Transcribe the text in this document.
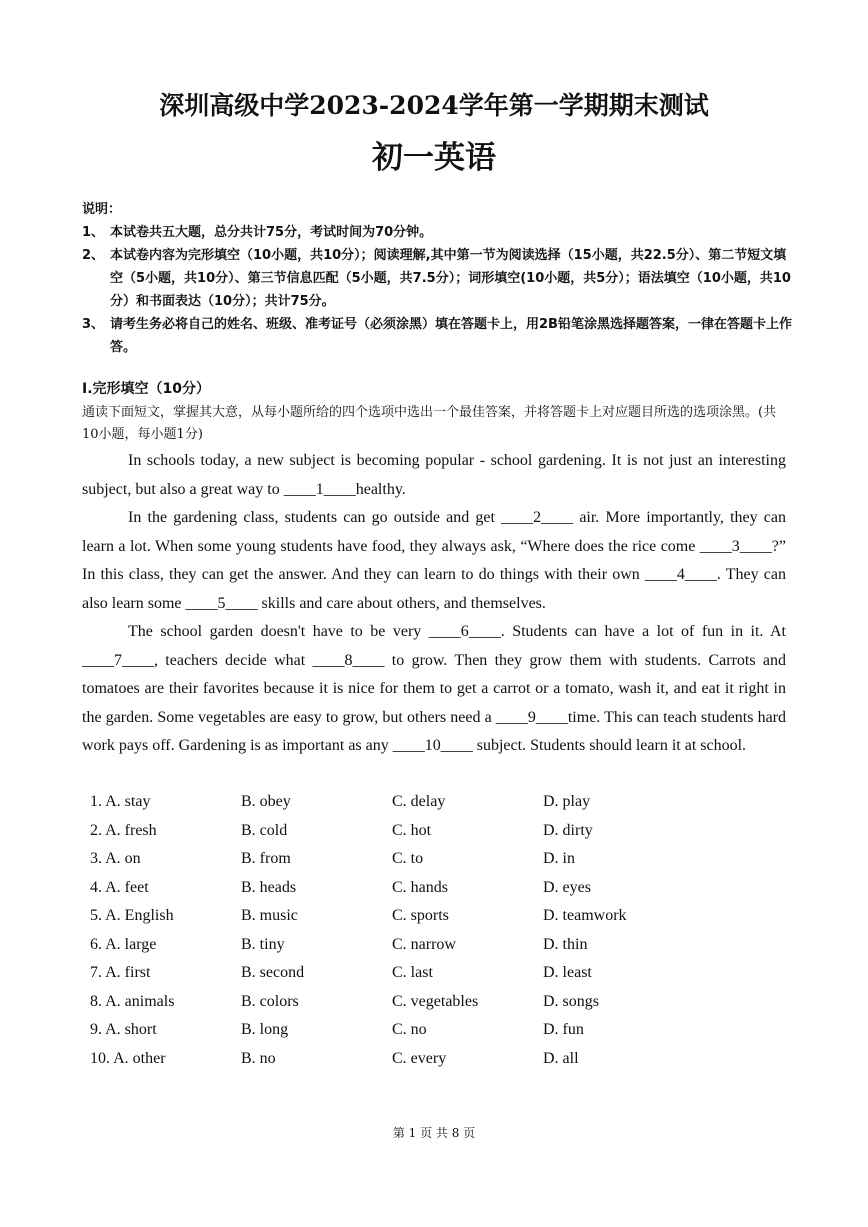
深圳高级中学2023-2024学年第一学期期末测试
初一英语
说明：
1、 本试卷共五大题，总分共计75分，考试时间为70分钟。
2、 本试卷内容为完形填空（10小题，共10分）；阅读理解,其中第一节为阅读选择（15小题，共22.5分）、第二节短文填空（5小题，共10分）、第三节信息匹配（5小题，共7.5分）；词形填空(10小题，共5分）；语法填空（10小题，共10分）和书面表达（10分）；共计75分。
3、 请考生务必将自己的姓名、班级、准考证号（必须涂黑）填在答题卡上，用2B铅笔涂黑选择题答案，一律在答题卡上作答。
I.完形填空（10分）
通读下面短文，掌握其大意，从每小题所给的四个选项中选出一个最佳答案，并将答题卡上对应题目所选的选项涂黑。(共10小题，每小题1分)

In schools today, a new subject is becoming popular - school gardening. It is not just an interesting subject, but also a great way to ____1____healthy.

In the gardening class, students can go outside and get ____2____ air. More importantly, they can learn a lot. When some young students have food, they always ask, “Where does the rice come ____3____?” In this class, they can get the answer. And they can learn to do things with their own ____4____. They can also learn some ____5____ skills and care about others, and themselves.

The school garden doesn't have to be very ____6____. Students can have a lot of fun in it. At ____7____, teachers decide what ____8____ to grow. Then they grow them with students. Carrots and tomatoes are their favorites because it is nice for them to get a carrot or a tomato, wash it, and eat it right in the garden. Some vegetables are easy to grow, but others need a ____9____time. This can teach students hard work pays off. Gardening is as important as any ____10____ subject. Students should learn it at school.

1. A. stay	B. obey	C. delay	D. play
2. A. fresh	B. cold	C. hot	D. dirty
3. A. on	B. from	C. to	D. in
4. A. feet	B. heads	C. hands	D. eyes
5. A. English	B. music	C. sports	D. teamwork
6. A. large	B. tiny	C. narrow	D. thin
7. A. first	B. second	C. last	D. least
8. A. animals	B. colors	C. vegetables	D. songs
9. A. short	B. long	C. no	D. fun
10. A. other	B. no	C. every	D. all
第 1 页 共 8 页
